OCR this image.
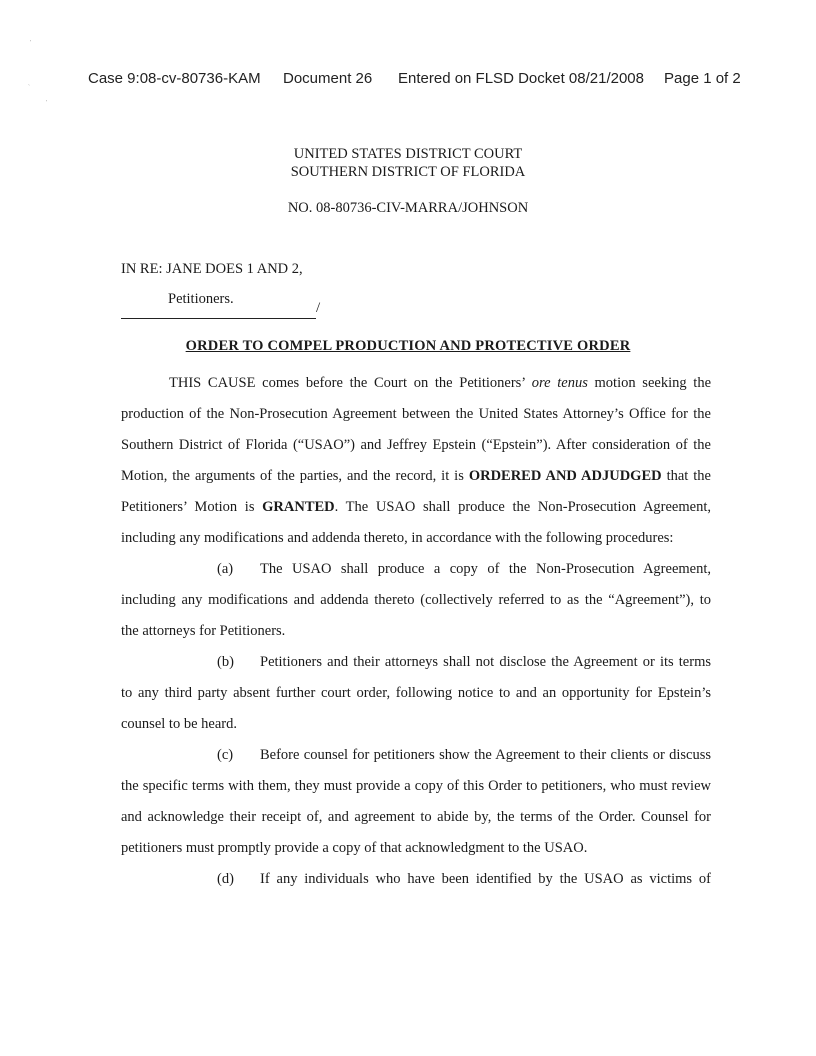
'
`
'
Case 9:08-cv-80736-KAM Document 26 Entered on FLSD Docket 08/21/2008 Page 1 of 2
UNITED STATES DISTRICT COURT
SOUTHERN DISTRICT OF FLORIDA
NO. 08-80736-CIV-MARRA/JOHNSON
IN RE: JANE DOES 1 AND 2,
Petitioners.
/
ORDER TO COMPEL PRODUCTION AND PROTECTIVE ORDER
THIS CAUSE comes before the Court on the Petitioners’ ore tenus motion seeking the
production of the Non-Prosecution Agreement between the United States Attorney’s Office for the
Southern District of Florida (“USAO”) and Jeffrey Epstein (“Epstein”). After consideration of the
Motion, the arguments of the parties, and the record, it is ORDERED AND ADJUDGED that the
Petitioners’ Motion is GRANTED. The USAO shall produce the Non-Prosecution Agreement,
including any modifications and addenda thereto, in accordance with the following procedures:
(a) The USAO shall produce a copy of the Non-Prosecution Agreement,
including any modifications and addenda thereto (collectively referred to as the “Agreement”), to
the attorneys for Petitioners.
(b) Petitioners and their attorneys shall not disclose the Agreement or its terms
to any third party absent further court order, following notice to and an opportunity for Epstein’s
counsel to be heard.
(c) Before counsel for petitioners show the Agreement to their clients or discuss
the specific terms with them, they must provide a copy of this Order to petitioners, who must review
and acknowledge their receipt of, and agreement to abide by, the terms of the Order. Counsel for
petitioners must promptly provide a copy of that acknowledgment to the USAO.
(d) If any individuals who have been identified by the USAO as victims of
